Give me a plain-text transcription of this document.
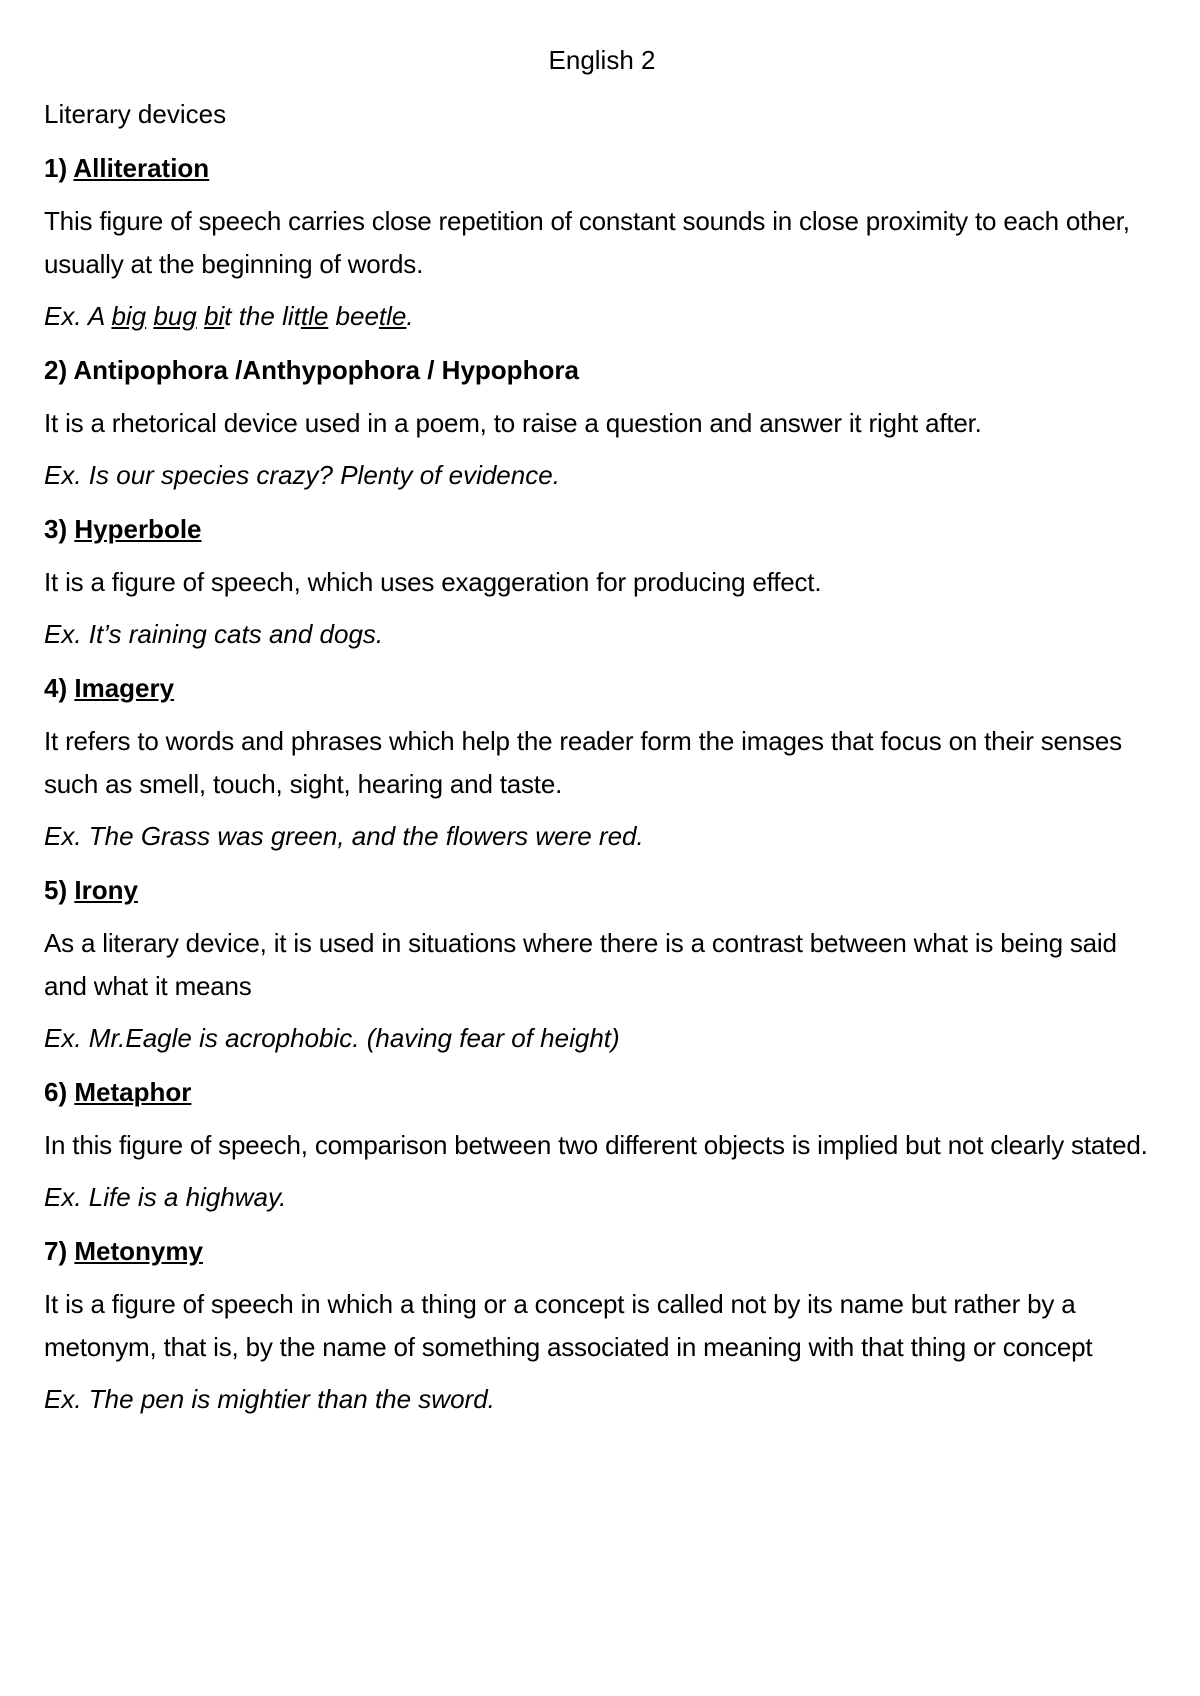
English 2
Literary devices
1) Alliteration
This figure of speech carries close repetition of constant sounds in close proximity to each other, usually at the beginning of words.
Ex. A big bug bit the little beetle.
2) Antipophora /Anthypophora / Hypophora
It is a rhetorical device used in a poem, to raise a question and answer it right after.
Ex. Is our species crazy? Plenty of evidence.
3) Hyperbole
It is a figure of speech, which uses exaggeration for producing effect.
Ex. It’s raining cats and dogs.
4) Imagery
It refers to words and phrases which help the reader form the images that focus on their senses such as smell, touch, sight, hearing and taste.
Ex. The Grass was green, and the flowers were red.
5) Irony
As a literary device, it is used in situations where there is a contrast between what is being said and what it means
Ex. Mr.Eagle is acrophobic. (having fear of height)
6) Metaphor
In this figure of speech, comparison between two different objects is implied but not clearly stated.
Ex. Life is a highway.
7) Metonymy
It is a figure of speech in which a thing or a concept is called not by its name but rather by a metonym, that is, by the name of something associated in meaning with that thing or concept
Ex. The pen is mightier than the sword.
